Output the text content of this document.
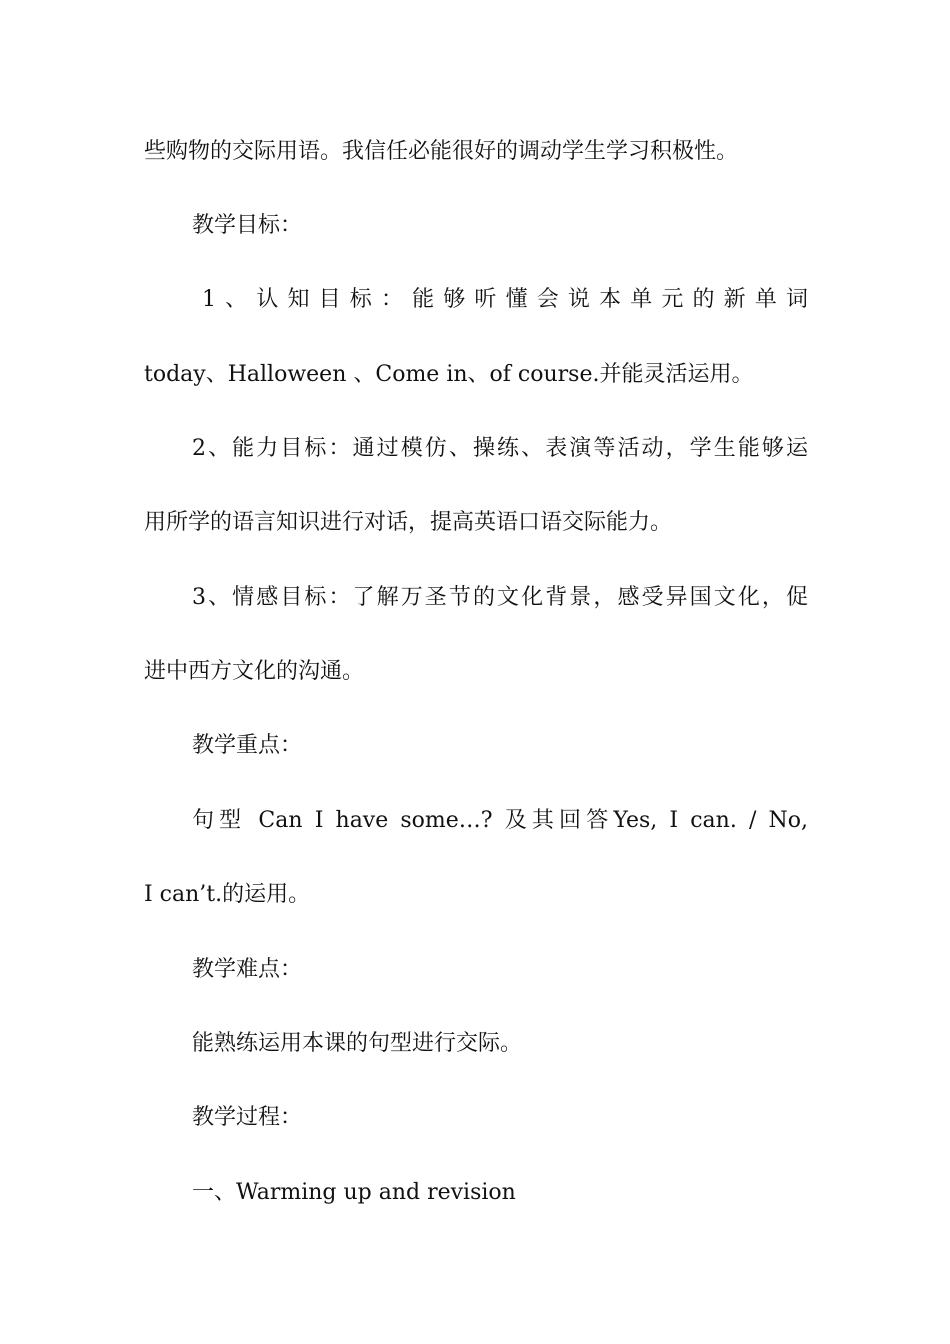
些购物的交际用语。我信任必能很好的调动学生学习积极性。
教学目标：
1、认知目标：能够听懂会说本单元的新单词
today、Halloween 、Come in、of course.并能灵活运用。
2、能力目标：通过模仿、操练、表演等活动，学生能够运
用所学的语言知识进行对话，提高英语口语交际能力。
3、情感目标：了解万圣节的文化背景，感受异国文化，促
进中西方文化的沟通。
教学重点：
句型 Can I have some…? 及其回答Yes, I can. / No,
I can’t.的运用。
教学难点：
能熟练运用本课的句型进行交际。
教学过程：
一、Warming up and revision
